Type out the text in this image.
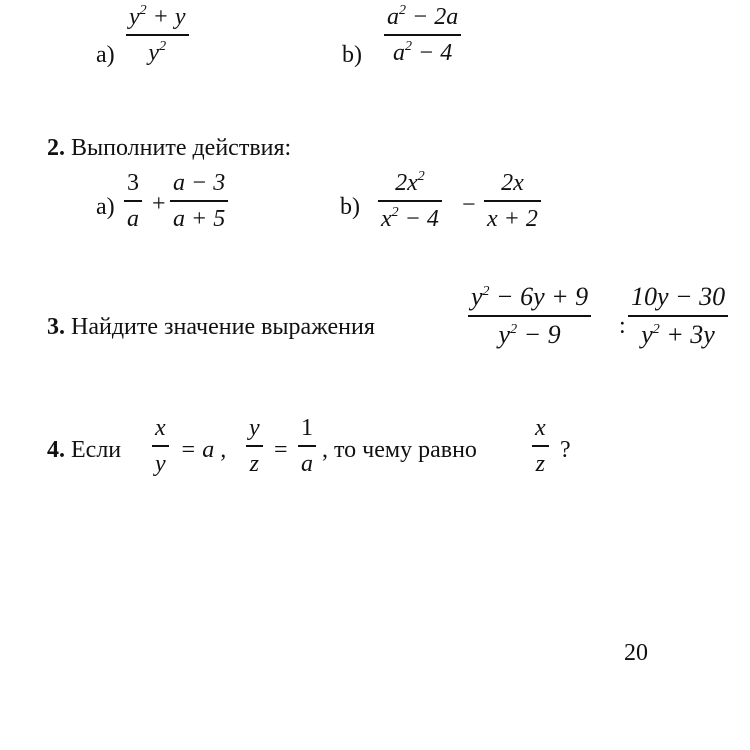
a)
$y^2 + y$
$y^2$	b)
$a^2 - 2a$
$a^2 - 4$
2. Выполните действия:
a)
3
a
+
a − 3
a + 5	b)
$2x^2$
$x^2 - 4$
−
2x
x + 2
3. Найдите значение выражения
$y^2 - 6y + 9$
$y^2 - 9$ :
10y − 30
$y^2 + 3y$
4. Если
x
y
= a ,
y
z
=
1
a
, то чему равно
x
z
?
20
